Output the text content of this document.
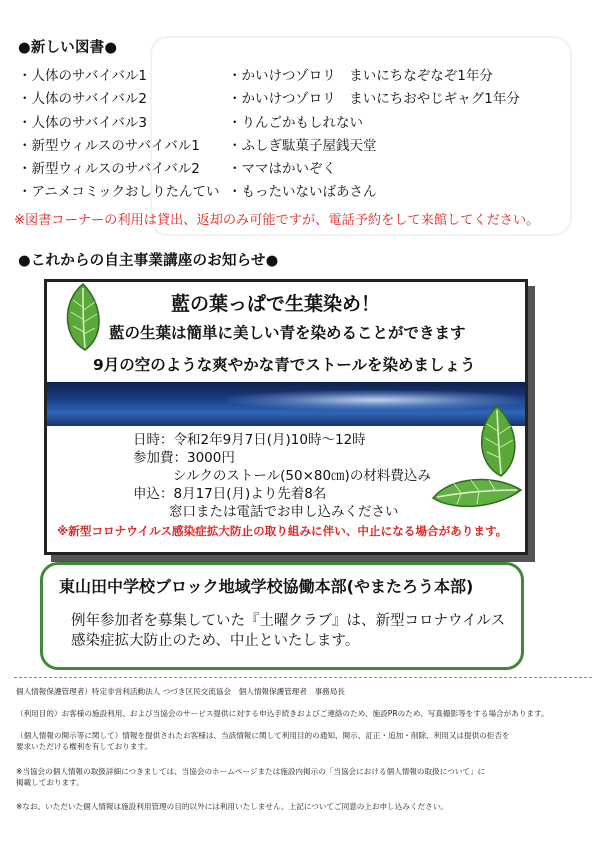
●新しい図書●
・人体のサバイバル1
・人体のサバイバル2
・人体のサバイバル3
・新型ウィルスのサバイバル1
・新型ウィルスのサバイバル2
・アニメコミックおしりたんてい
・かいけつゾロリ　まいにちなぞなぞ1年分
・かいけつゾロリ　まいにちおやじギャグ1年分
・りんごかもしれない
・ふしぎ駄菓子屋銭天堂
・ママはかいぞく
・もったいないばあさん
※図書コーナーの利用は貸出、返却のみ可能ですが、電話予約をして来館してください。
●これからの自主事業講座のお知らせ●
藍の葉っぱで生葉染め！
藍の生葉は簡単に美しい青を染めることができます
9月の空のような爽やかな青でストールを染めましょう
日時：令和2年9月7日(月)10時～12時
参加費：3000円
シルクのストール(50×80㎝)の材料費込み
申込：8月17日(月)より先着8名
窓口または電話でお申し込みください
※新型コロナウイルス感染症拡大防止の取り組みに伴い、中止になる場合があります。
東山田中学校ブロック地域学校協働本部(やまたろう本部)
例年参加者を募集していた『土曜クラブ』は、新型コロナウイルス
感染症拡大防止のため、中止といたします。
個人情報保護管理者）特定非営利活動法人 つづき区民交流協会　個人情報保護管理者　事務局長
（利用目的）お客様の施設利用、および当協会のサービス提供に対する申込手続きおよびご連絡のため、施設PRのため、写真撮影等をする場合があります。
（個人情報の開示等に関して）情報を提供されたお客様は、当該情報に関して利用目的の通知、開示、訂正・追加・削除、利用又は提供の拒否を
要求いただける権利を有しております。
※当協会の個人情報の取扱詳細につきましては、当協会のホームページまたは施設内掲示の「当協会における個人情報の取扱について」に
掲載しております。
※なお、いただいた個人情報は施設利用管理の目的以外には利用いたしません。上記についてご同意の上お申し込みください。
